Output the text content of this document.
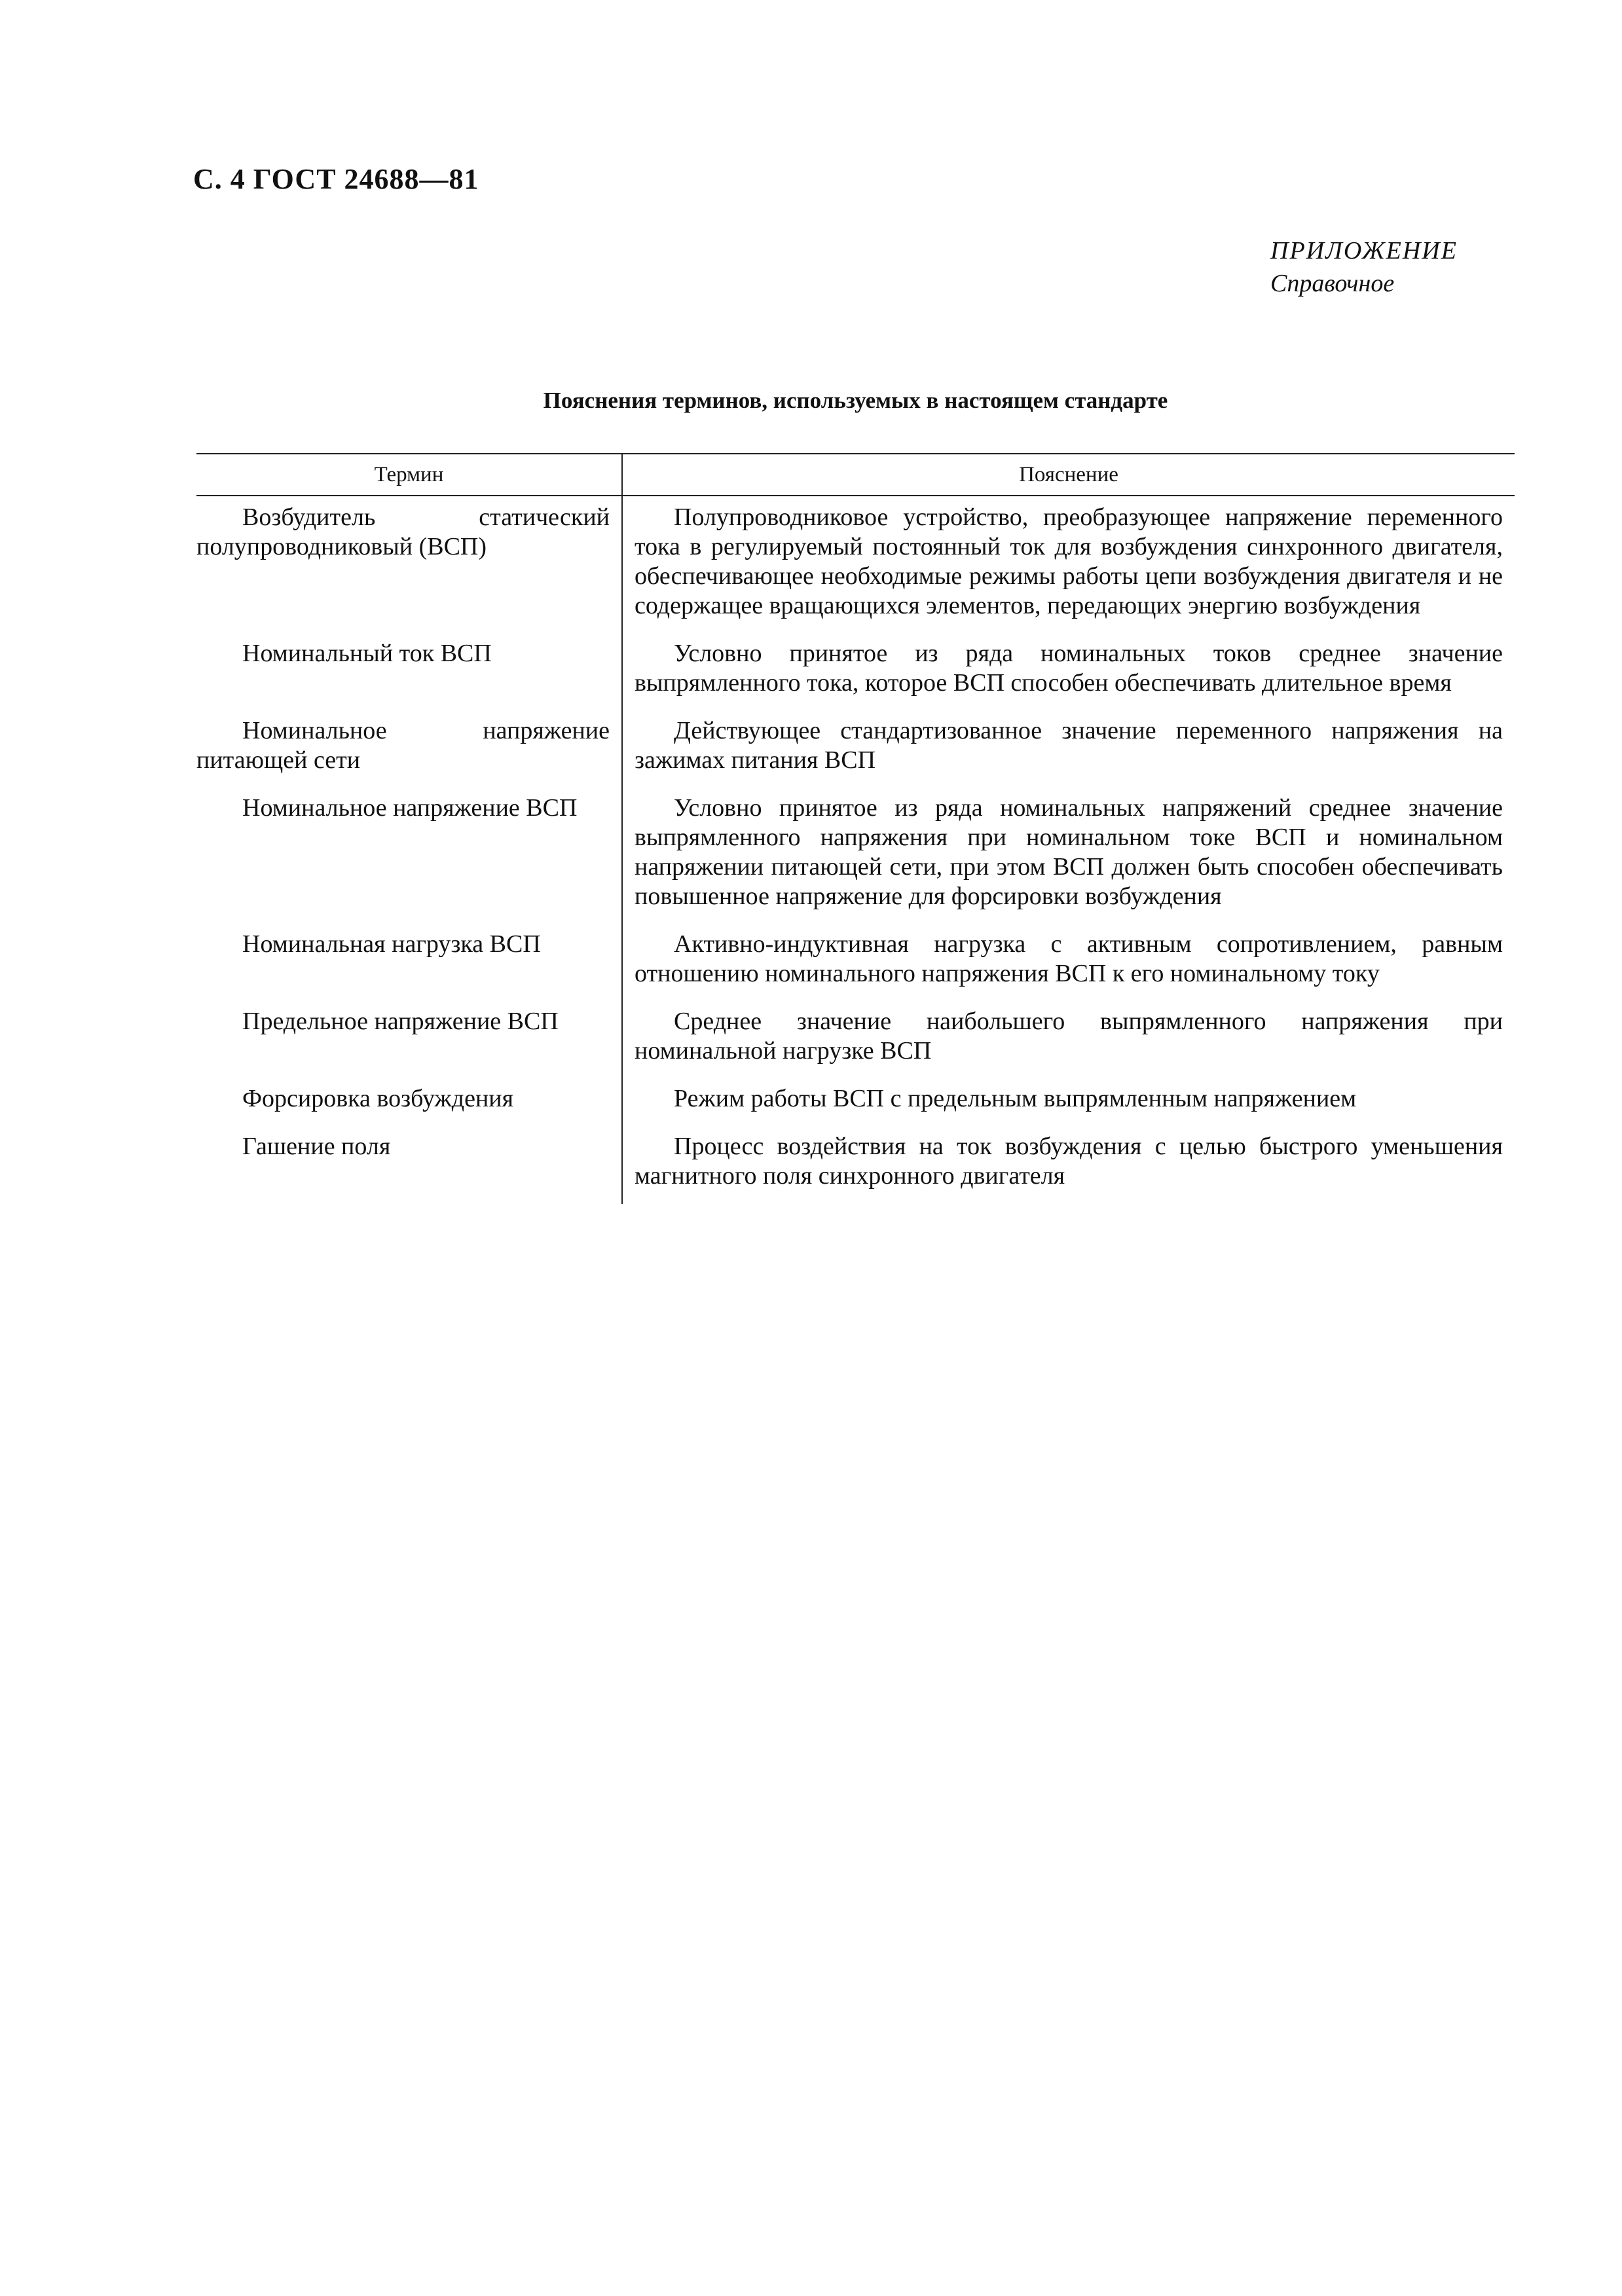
С. 4 ГОСТ 24688—81
ПРИЛОЖЕНИЕ
Справочное
Пояснения терминов, используемых в настоящем стандарте
Термин	Пояснение
Возбудитель статический полупроводниковый (ВСП)	Полупроводниковое устройство, преобразующее напряжение переменного тока в регулируемый постоянный ток для возбуждения синхронного двигателя, обеспечивающее необходимые режимы работы цепи возбуждения двигателя и не содержащее вращающихся элементов, передающих энергию возбуждения
Номинальный ток ВСП	Условно принятое из ряда номинальных токов среднее значение выпрямленного тока, которое ВСП способен обеспечивать длительное время
Номинальное напряжение питающей сети	Действующее стандартизованное значение переменного напряжения на зажимах питания ВСП
Номинальное напряжение ВСП	Условно принятое из ряда номинальных напряжений среднее значение выпрямленного напряжения при номинальном токе ВСП и номинальном напряжении питающей сети, при этом ВСП должен быть способен обеспечивать повышенное напряжение для форсировки возбуждения
Номинальная нагрузка ВСП	Активно-индуктивная нагрузка с активным сопротивлением, равным отношению номинального напряжения ВСП к его номинальному току
Предельное напряжение ВСП	Среднее значение наибольшего выпрямленного напряжения при номинальной нагрузке ВСП
Форсировка возбуждения	Режим работы ВСП с предельным выпрямленным напряжением
Гашение поля	Процесс воздействия на ток возбуждения с целью быстрого уменьшения магнитного поля синхронного двигателя
